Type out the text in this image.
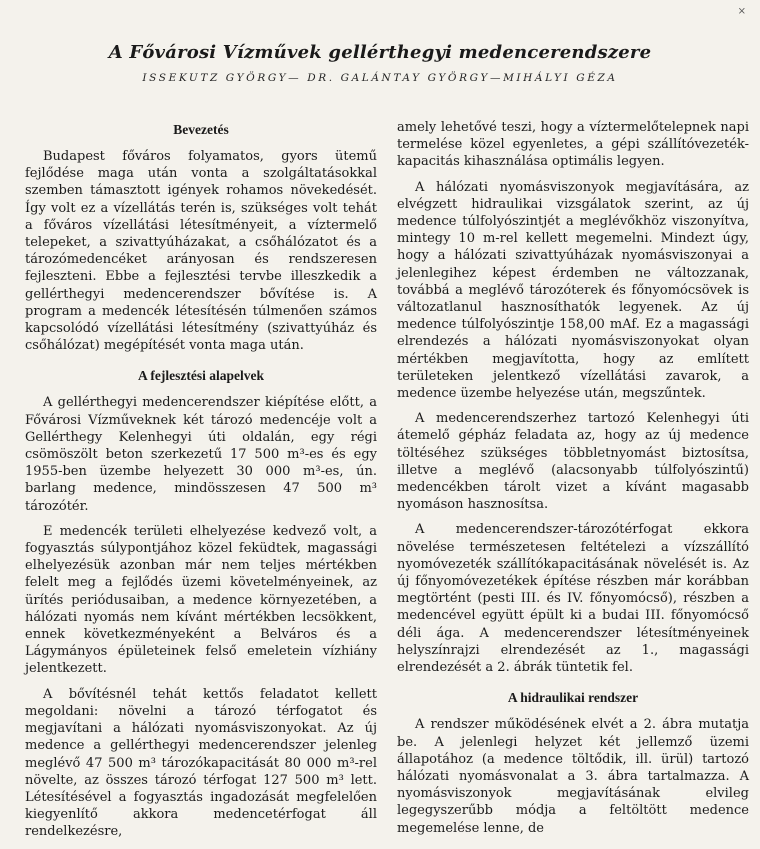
×
A Fővárosi Vízművek gellérthegyi medencerendszere
ISSEKUTZ GYÖRGY— DR. GALÁNTAY GYÖRGY—MIHÁLYI GÉZA
Bevezetés

Budapest főváros folyamatos, gyors ütemű fejlődése maga után vonta a szolgáltatásokkal szemben támasztott igények rohamos növekedését. Így volt ez a vízellátás terén is, szükséges volt tehát a főváros vízellátási létesítményeit, a víztermelő telepeket, a szivattyúházakat, a csőhálózatot és a tározómedencéket arányosan és rendszeresen fejleszteni. Ebbe a fejlesztési tervbe illeszkedik a gellérthegyi medencerendszer bővítése is. A program a medencék létesítésén túlmenően számos kapcsolódó vízellátási létesítmény (szivattyúház és csőhálózat) megépítését vonta maga után.

A fejlesztési alapelvek

A gellérthegyi medencerendszer kiépítése előtt, a Fővárosi Vízműveknek két tározó medencéje volt a Gellérthegy Kelenhegyi úti oldalán, egy régi csömöszölt beton szerkezetű 17 500 m³-es és egy 1955-ben üzembe helyezett 30 000 m³-es, ún. barlang medence, mindösszesen 47 500 m³ tározótér.

E medencék területi elhelyezése kedvező volt, a fogyasztás súlypontjához közel feküdtek, magassági elhelyezésük azonban már nem teljes mértékben felelt meg a fejlődés üzemi követelményeinek, az ürítés periódusaiban, a medence környezetében, a hálózati nyomás nem kívánt mértékben lecsökkent, ennek következményeként a Belváros és a Lágymányos épületeinek felső emeletein vízhiány jelentkezett.

A bővítésnél tehát kettős feladatot kellett megoldani: növelni a tározó térfogatot és megjavítani a hálózati nyomásviszonyokat. Az új medence a gellérthegyi medencerendszer jelenleg meglévő 47 500 m³ tározókapacitását 80 000 m³-rel növelte, az összes tározó térfogat 127 500 m³ lett. Létesítésével a fogyasztás ingadozását megfelelően kiegyenlítő akkora medencetérfogat áll rendelkezésre,

amely lehetővé teszi, hogy a víztermelőtelepnek napi termelése közel egyenletes, a gépi szállítóvezeték-kapacitás kihasználása optimális legyen.

A hálózati nyomásviszonyok megjavítására, az elvégzett hidraulikai vizsgálatok szerint, az új medence túlfolyószintjét a meglévőkhöz viszonyítva, mintegy 10 m-rel kellett megemelni. Mindezt úgy, hogy a hálózati szivattyúházak nyomásviszonyai a jelenlegihez képest érdemben ne változzanak, továbbá a meglévő tározóterek és főnyomócsövek is változatlanul hasznosíthatók legyenek. Az új medence túlfolyószintje 158,00 mAf. Ez a magassági elrendezés a hálózati nyomásviszonyokat olyan mértékben megjavította, hogy az említett területeken jelentkező vízellátási zavarok, a medence üzembe helyezése után, megszűntek.

A medencerendszerhez tartozó Kelenhegyi úti átemelő gépház feladata az, hogy az új medence töltéséhez szükséges többletnyomást biztosítsa, illetve a meglévő (alacsonyabb túlfolyószintű) medencékben tárolt vizet a kívánt magasabb nyomáson hasznosítsa.

A medencerendszer-tározótérfogat ekkora növelése természetesen feltételezi a vízszállító nyomóvezeték szállítókapacitásának növelését is. Az új főnyomóvezetékek építése részben már korábban megtörtént (pesti III. és IV. főnyomócső), részben a medencével együtt épült ki a budai III. főnyomócső déli ága. A medencerendszer létesítményeinek helyszínrajzi elrendezését az 1., magassági elrendezését a 2. ábrák tüntetik fel.

A hidraulikai rendszer

A rendszer működésének elvét a 2. ábra mutatja be. A jelenlegi helyzet két jellemző üzemi állapotához (a medence töltődik, ill. ürül) tartozó hálózati nyomásvonalat a 3. ábra tartalmazza. A nyomásviszonyok megjavításának elvileg legegyszerűbb módja a feltöltött medence megemelése lenne, de
